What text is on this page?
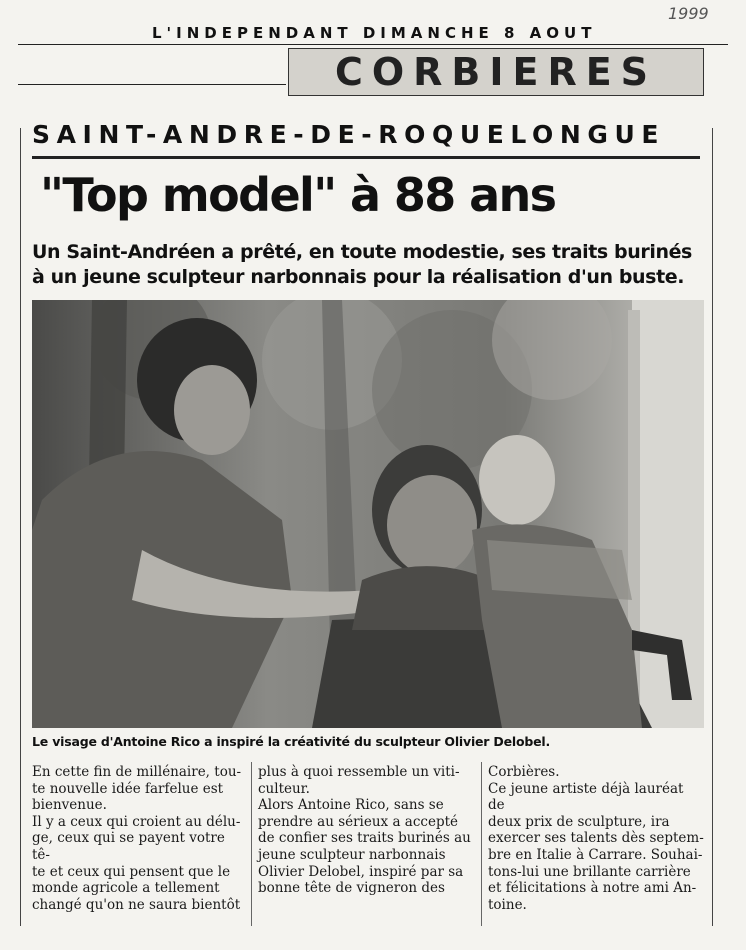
1999
L'INDEPENDANT DIMANCHE 8 AOUT
CORBIERES
SAINT-ANDRE-DE-ROQUELONGUE
"Top model" à 88 ans
Un Saint-Andréen a prêté, en toute modestie, ses traits burinés à un jeune sculpteur narbonnais pour la réalisation d'un buste.
Le visage d'Antoine Rico a inspiré la créativité du sculpteur Olivier Delobel.

En cette fin de millénaire, tou-

te nouvelle idée farfelue est

bienvenue.

Il y a ceux qui croient au délu-

ge, ceux qui se payent votre tê-

te et ceux qui pensent que le

monde agricole a tellement

changé qu'on ne saura bientôt

plus à quoi ressemble un viti-

culteur.

Alors Antoine Rico, sans se

prendre au sérieux a accepté

de confier ses traits burinés au

jeune sculpteur narbonnais

Olivier Delobel, inspiré par sa

bonne tête de vigneron des

Corbières.

Ce jeune artiste déjà lauréat de

deux prix de sculpture, ira

exercer ses talents dès septem-

bre en Italie à Carrare. Souhai-

tons-lui une brillante carrière

et félicitations à notre ami An-

toine.
